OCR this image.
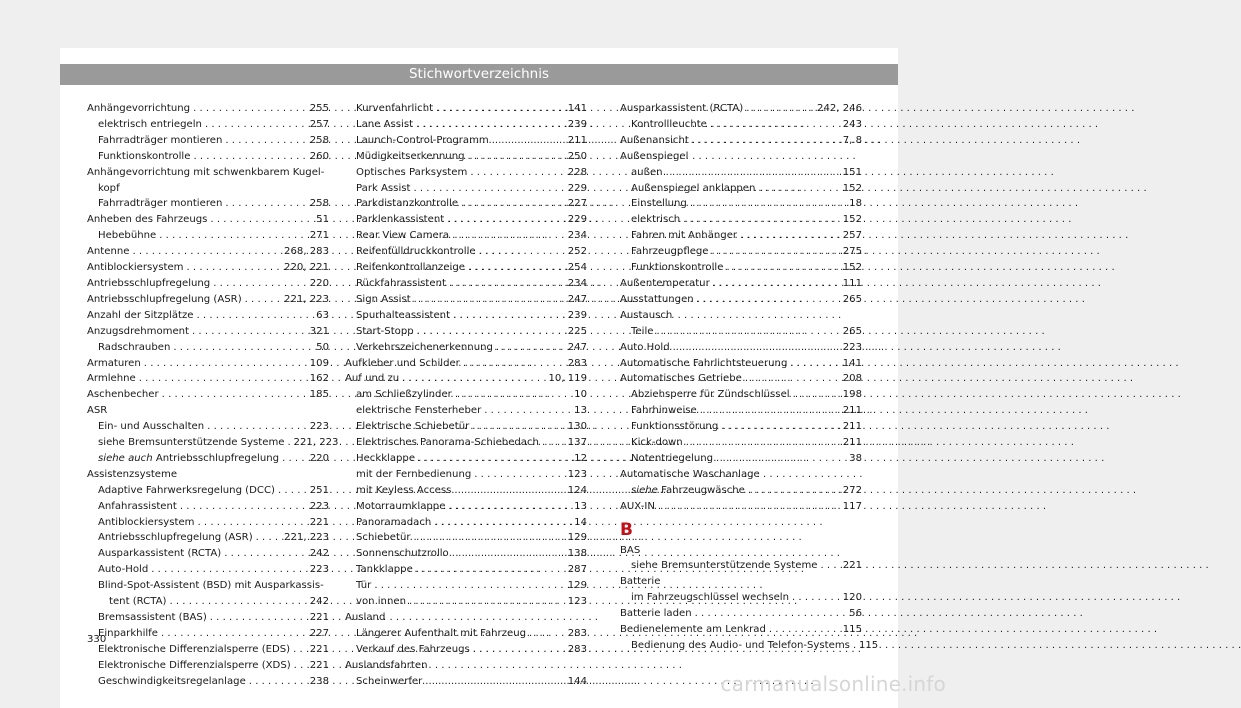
Stichwortverzeichnis
Anhängevorrichtung . . .	255
elektrisch entriegeln . . .	257
Fahrradträger montieren . . .	258
Funktionskontrolle . . .	260
Anhängevorrichtung mit schwenkbarem Kugel-
kopf
Fahrradträger montieren . . .	258
Anheben des Fahrzeugs . . .	51
Hebebühne . . .	271
Antenne . . .	268, 283
Antiblockiersystem . . .	220, 221
Antriebsschlupfregelung . . .	220
Antriebsschlupfregelung (ASR) . . .	221, 223
Anzahl der Sitzplätze . . .	63
Anzugsdrehmoment . . .	321
Radschrauben . . .	50
Armaturen . . .	109
Armlehne . . .	162
Aschenbecher . . .	185
ASR
Ein- und Ausschalten . . .	223
siehe Bremsunterstützende Systeme . . . 221, 223
siehe auch Antriebsschlupfregelung . . .	220
Assistenzsysteme
Adaptive Fahrwerksregelung (DCC) . . .	251
Anfahrassistent . . .	223
Antiblockiersystem . . .	221
Antriebsschlupfregelung (ASR) . . .	221, 223
Ausparkassistent (RCTA) . . .	242
Auto-Hold . . .	223
Blind-Spot-Assistent (BSD) mit Ausparkassis-
tent (RCTA) . . .	242
Bremsassistent (BAS) . . .	221
Einparkhilfe . . .	227
Elektronische Differenzialsperre (EDS) . . . 221
Elektronische Differenzialsperre (XDS) . . . 221
Geschwindigkeitsregelanlage . . .	238
Kurvenfahrlicht . . .	141
Lane Assist . . .	239
Launch-Control-Programm . . .	211
Müdigkeitserkennung . . .	250
Optisches Parksystem . . .	228
Park Assist . . .	229
Parkdistanzkontrolle . . .	227
Parklenkassistent . . .	229
Rear View Camera . . .	234
Reifenfülldruckkontrolle . . .	252
Reifenkontrollanzeige . . .	254
Rückfahrassistent . . .	234
Sign Assist . . .	247
Spurhalteassistent . . .	239
Start-Stopp . . .	225
Verkehrszeichenerkennung . . .	247
Aufkleber und Schilder . . .	283
Auf und zu . . .	10, 119
am Schließzylinder . . .	10
elektrische Fensterheber . . .	13
Elektrische Schiebetür . . .	130
Elektrisches Panorama-Schiebedach . . .	137
Heckklappe . . .	12
mit der Fernbedienung . . .	123
mit Keyless Access . . .	124
Motorraumklappe . . .	13
Panoramadach . . .	14
Schiebetür . . .	129
Sonnenschutzrollo . . .	138
Tankklappe . . .	287
Tür . . .	129
von innen . . .	123
Ausland
Längerer Aufenthalt mit Fahrzeug . . .	283
Verkauf des Fahrzeugs . . .	283
Auslandsfahrten
Scheinwerfer . . .	144
Ausparkassistent (RCTA) . . .	242, 246
Kontrollleuchte . . .	243
Außenansicht . . .	7, 8
Außenspiegel
außen . . .	151
Außenspiegel anklappen . . .	152
Einstellung . . .	18
elektrisch . . .	152
Fahren mit Anhänger . . .	257
Fahrzeugpflege . . .	275
Funktionskontrolle . . .	152
Außentemperatur . . .	111
Ausstattungen . . .	265
Austausch
Teile . . .	265
Auto Hold . . .	223
Automatische Fahrlichtsteuerung . . .	141
Automatisches Getriebe . . .	208
Abziehsperre für Zündschlüssel . . .	198
Fahrhinweise . . .	211
Funktionsstörung . . .	211
Kick-down . . .	211
Notentriegelung . . .	38
Automatische Waschanlage
siehe Fahrzeugwäsche . . .	272
AUX-IN . . .	117
B
BAS
siehe Bremsunterstützende Systeme . . . 221
Batterie
im Fahrzeugschlüssel wechseln . . .	120
Batterie laden . . .	56
Bedienelemente am Lenkrad . . .	115
Bedienung des Audio- und Telefon-Systems . . . 115
330
carmanualsonline.info
